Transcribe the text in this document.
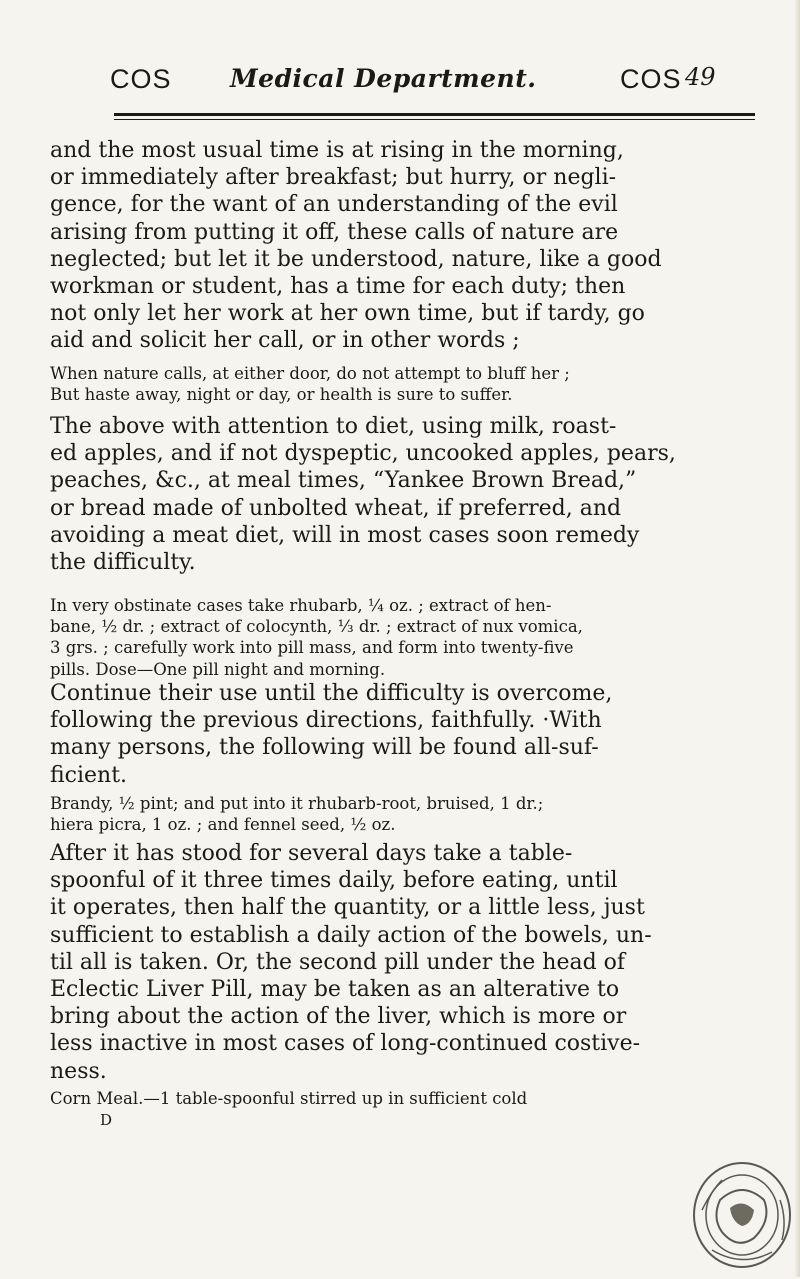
COS Medical Department.	COS 49

and the most usual time is at rising in the morning,
or immediately after breakfast; but hurry, or negli-
gence, for the want of an understanding of the evil
arising from putting it off, these calls of nature are
neglected; but let it be understood, nature, like a good
workman or student, has a time for each duty; then
not only let her work at her own time, but if tardy, go
aid and solicit her call, or in other words ;

When nature calls, at either door, do not attempt to bluff her ;
But haste away, night or day, or health is sure to suffer.

The above with attention to diet, using milk, roast-
ed apples, and if not dyspeptic, uncooked apples, pears,
peaches, &c., at meal times, “Yankee Brown Bread,”
or bread made of unbolted wheat, if preferred, and
avoiding a meat diet, will in most cases soon remedy
the difficulty.

In very obstinate cases take rhubarb, ¼ oz. ; extract of hen-
bane, ½ dr. ; extract of colocynth, ⅓ dr. ; extract of nux vomica,
3 grs. ; carefully work into pill mass, and form into twenty-five
pills. Dose—One pill night and morning.

Continue their use until the difficulty is overcome,
following the previous directions, faithfully. ·With
many persons, the following will be found all-suf-
ficient.

Brandy, ½ pint; and put into it rhubarb-root, bruised, 1 dr.;
hiera picra, 1 oz. ; and fennel seed, ½ oz.

After it has stood for several days take a table-
spoonful of it three times daily, before eating, until
it operates, then half the quantity, or a little less, just
sufficient to establish a daily action of the bowels, un-
til all is taken. Or, the second pill under the head of
Eclectic Liver Pill, may be taken as an alterative to
bring about the action of the liver, which is more or
less inactive in most cases of long-continued costive-
ness.

Corn Meal.—1 table-spoonful stirred up in sufficient cold

D
